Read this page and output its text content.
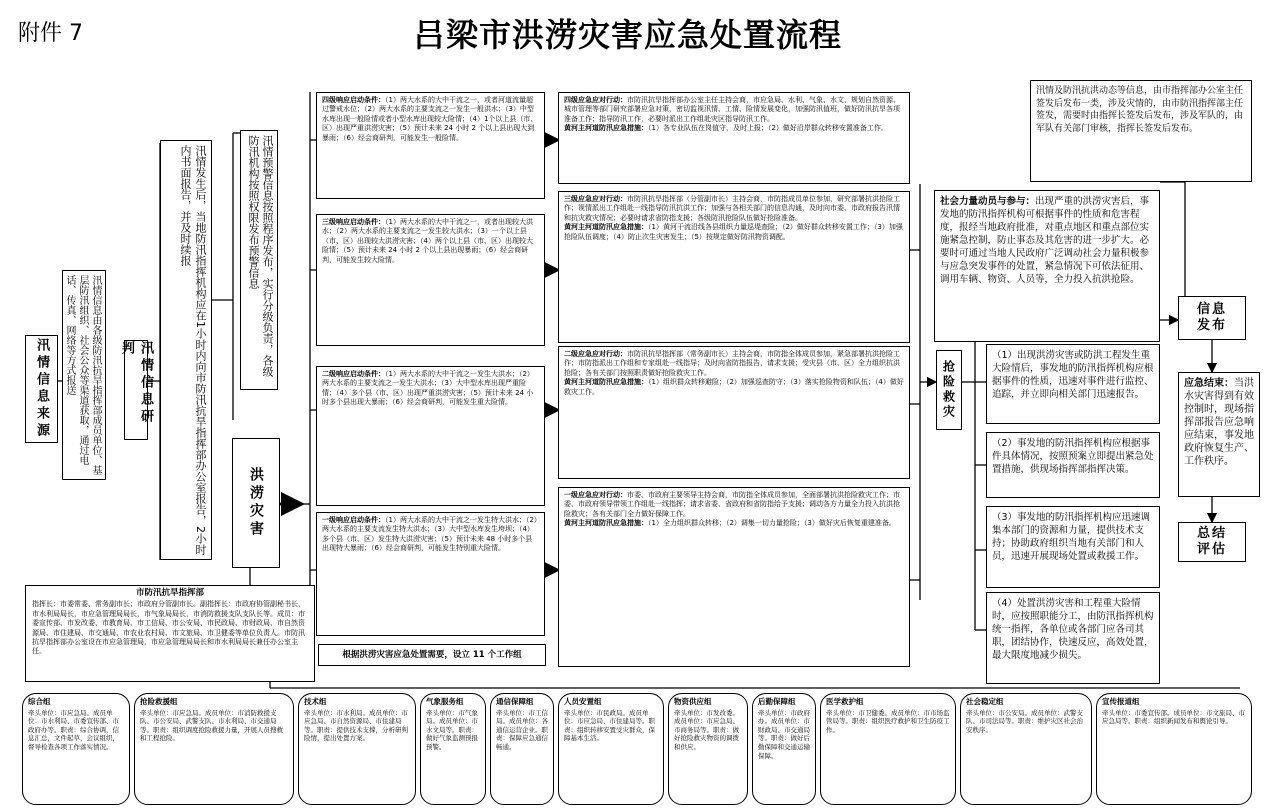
附件 7	吕梁市洪涝灾害应急处置流程
汛情信息来源	汛情信息由各级防汛抗旱指挥部成员单位、基层防汛组织、社会公众等渠道获取，通过电话、传真、网络等方式报送	汛情信息研判	汛情发生后，当地防汛指挥机构应在1小时内向市防汛抗旱指挥部办公室报告，2小时内书面报告，并及时续报	汛情预警信息按照程序发布，实行分级负责，各级防汛机构按照权限发布预警信息
洪涝灾害
市防汛抗旱指挥部
指挥长：市委常委、常务副市长；市政府分管副市长。副指挥长：市政府协管副秘书长，市水利局局长，市应急管理局局长，市气象局局长，市消防救援支队支队长等。成员：市委宣传部、市发改委、市教育局、市工信局、市公安局、市民政局、市财政局、市自然资源局、市住建局、市交通局、市农业农村局、市文旅局、市卫健委等单位负责人。市防汛抗旱指挥部办公室设在市应急管理局，市应急管理局局长和市水利局局长兼任办公室主任。	根据洪涝灾害应急处置需要，设立 11 个工作组
四级响应启动条件：（1）两大水系的大中干流之一，或者河道流量超过警戒水位；（2）两大水系的主要支流之一发生一般洪水；（3）中型水库出现一般险情或者小型水库出现较大险情；（4）1个以上县（市、区）出现严重洪涝灾害；（5）预计未来 24 小时 2 个以上县出现大到暴雨；（6）经会商研判，可能发生一般险情。
三级响应启动条件：（1）两大水系的大中干流之一，或者出现较大洪水；（2）两大水系的主要支流之一发生较大洪水；（3）一个以上县（市、区）出现较大洪涝灾害；（4）两个以上县（市、区）出现较大险情；（5）预计未来 24 小时 2 个以上县出现暴雨；（6）经会商研判，可能发生较大险情。
二级响应启动条件：（1）两大水系的大中干流之一发生大洪水；（2）两大水系的主要支流之一发生大洪水；（3）大中型水库出现严重险情；（4）多个县（市、区）出现严重洪涝灾害；（5）预计未来 24 小时多个县出现大暴雨；（6）经会商研判，可能发生重大险情。
一级响应启动条件：（1）两大水系的大中干流之一发生特大洪水；（2）两大水系的主要支流发生特大洪水；（3）大中型水库发生垮坝；（4）多个县（市、区）发生特大洪涝灾害；（5）预计未来 48 小时多个县出现特大暴雨；（6）经会商研判，可能发生特别重大险情。
四级应急应对行动：市防汛抗旱指挥部办公室主任主持会商，市应急局、水利、气象、水文、规划自然资源、城市管理等部门研究部署应急对策，密切监视汛情、工情、险情发展变化，加强防汛值班，做好防汛抗旱各项准备工作；指导防汛工作，必要时派出工作组赴灾区指导防汛工作。
黄河主河道防汛应急措施：（1）各专业队伍在岗值守，及时上报；（2）做好沿岸群众转移安置准备工作。
三级应急应对行动：市防汛抗旱指挥部（分管副市长）主持会商，市防指成员单位参加，研究部署抗洪抢险工作；视情派出工作组赴一线指导防汛抗洪工作；加强与各相关部门的信息沟通，及时向市委、市政府报告汛情和抗灾救灾情况；必要时请求省防指支援；各级防汛抢险队伍做好抢险准备。
黄河主河道防汛应急措施：（1）黄河干流沿线各县组织力量巡堤查险；（2）做好群众转移安置工作；（3）加强抢险队伍调度；（4）防止次生灾害发生；（5）按规定做好防汛物资调配。
二级应急应对行动：市防汛抗旱指挥部（常务副市长）主持会商，市防指全体成员参加，紧急部署抗洪抢险工作；市防指派出工作组和专家组赴一线指导；及时向省防指报告，请求支援；受灾县（市、区）全力组织抗洪抢险；各有关部门按照职责做好抢险救灾工作。
黄河主河道防汛应急措施：（1）组织群众转移避险；（2）加强巡查防守；（3）落实抢险物资和队伍；（4）做好救灾工作。
一级应急应对行动：市委、市政府主要领导主持会商，市防指全体成员参加，全面部署抗洪抢险救灾工作；市委、市政府领导带领工作组赴一线指挥；请求省委、省政府和省防指给予支援；调动各方力量全力投入抗洪抢险救灾；各有关部门全力做好保障工作。
黄河主河道防汛应急措施：（1）全力组织群众转移；（2）调集一切力量抢险；（3）做好灾后恢复重建准备。
抢险救灾
社会力量动员与参与：出现严重的洪涝灾害后，事发地的防汛指挥机构可根据事件的性质和危害程度，报经当地政府批准，对重点地区和重点部位实施紧急控制，防止事态及其危害的进一步扩大。必要时可通过当地人民政府广泛调动社会力量积极参与应急突发事件的处置，紧急情况下可依法征用、调用车辆、物资、人员等，全力投入抗洪抢险。
（1）出现洪涝灾害或防洪工程发生重大险情后，事发地的防汛指挥机构应根据事件的性质，迅速对事件进行监控、追踪，并立即向相关部门迅速报告。
（2）事发地的防汛指挥机构应根据事件具体情况，按照预案立即提出紧急处置措施，供现场指挥部指挥决策。
（3）事发地的防汛指挥机构应迅速调集本部门的资源和力量，提供技术支持；协助政府组织当地有关部门和人员，迅速开展现场处置或救援工作。
（4）处置洪涝灾害和工程重大险情时，应按照职能分工，由防汛指挥机构统一指挥，各单位或各部门应各司其职，团结协作，快速反应，高效处置，最大限度地减少损失。
汛情及防汛抗洪动态等信息，由市指挥部办公室主任签发后发布一类，涉及灾情的，由市防汛指挥部主任签发，需要时由指挥长签发后发布，涉及军队的，由军队有关部门审核，指挥长签发后发布。
信息发布
应急结束：当洪水灾害得到有效控制时，现场指挥部报告应急响应结束，事发地政府恢复生产、工作秩序。
总结评估
综合组
牵头单位：市应急局。成员单位：市水利局、市委宣传部、市政府办等。职责：综合协调，信息汇总，文件起草，会议组织，督导检查各项工作落实情况。
抢险救援组
牵头单位：市应急局。成员单位：市消防救援支队、市公安局、武警支队、市水利局、市交通局等。职责：组织调度抢险救援力量，开展人员搜救和工程抢险。
技术组
牵头单位：市水利局。成员单位：市应急局、市自然资源局、市住建局等。职责：提供技术支撑，分析研判险情，提出处置方案。
气象服务组
牵头单位：市气象局。成员单位：市水文局等。职责：做好气象监测预报预警。
通信保障组
牵头单位：市工信局。成员单位：各通信运营企业。职责：保障应急通信畅通。
人员安置组
牵头单位：市民政局。成员单位：市应急局、市住建局等。职责：组织转移安置受灾群众，保障基本生活。
物资供应组
牵头单位：市发改委。成员单位：市应急局、市商务局等。职责：做好抢险救灾物资的调拨和供应。
后勤保障组
牵头单位：市政府办。成员单位：市财政局、市交通局等。职责：做好后勤保障和交通运输保障。
医学救护组
牵头单位：市卫健委。成员单位：市市场监管局等。职责：组织医疗救护和卫生防疫工作。
社会稳定组
牵头单位：市公安局。成员单位：武警支队、市司法局等。职责：维护灾区社会治安秩序。
宣传报道组
牵头单位：市委宣传部。成员单位：市文旅局、市应急局等。职责：组织新闻发布和舆论引导。
